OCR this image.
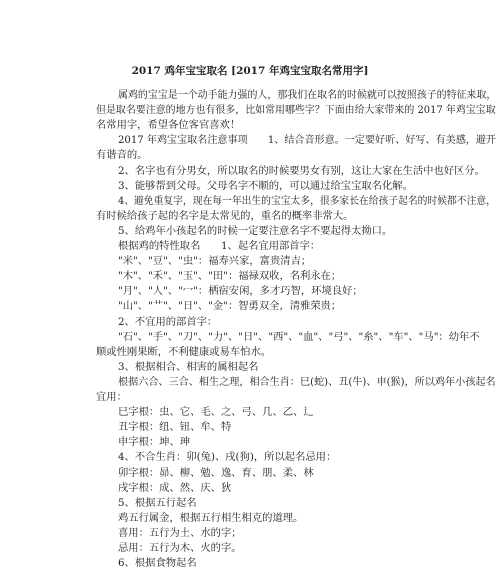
2017 鸡年宝宝取名 [2017 年鸡宝宝取名常用字]
属鸡的宝宝是一个动手能力强的人，那我们在取名的时候就可以按照孩子的特征来取，
但是取名要注意的地方也有很多，比如常用哪些字？下面由给大家带来的 2017 年鸡宝宝取
名常用字，希望各位客官喜欢！
2017 年鸡宝宝取名注意事项　　1、结合音形意。一定要好听、好写、有美感，避开
有谐音的。
2、名字也有分男女，所以取名的时候要男女有别，这让大家在生活中也好区分。
3、能够帮到父母。父母名字不顺的，可以通过给宝宝取名化解。
4、避免重复字，现在每一年出生的宝宝太多，很多家长在给孩子起名的时候都不注意，
有时候给孩子起的名字是太常见的，重名的概率非常大。
5、给鸡年小孩起名的时候一定要注意名字不要起得太拗口。
根据鸡的特性取名　　1、起名宜用部首字：
"米"、"豆"、"虫"：福寿兴家，富贵清吉；
"木"、"禾"、"玉"、"田"：福禄双收，名利永在；
"月"、"人"、"冖"：栖宿安闲，多才巧智，环境良好；
"山"、"艹"、"日"、"金"：智勇双全，清雅荣贵；
2、不宜用的部首字：
"石"、"手"、"刀"、"力"、"日"、"西"、"血"、"弓"、"糸"、"车"、"马"：幼年不
顺或性刚果断，不利健康或易车怕水。
3、根据相合、相害的属相起名
根据六合、三合、相生之理，相合生肖：巳(蛇)、丑(牛)、申(猴)，所以鸡年小孩起名
宜用：
巳字根：虫、它、毛、之、弓、几、乙、辶
丑字根：纽、钮、牟、特
申字根：坤、珅
4、不合生肖：卯(兔)、戌(狗)，所以起名忌用：
卯字根：昴、柳、勉、逸、育、朋、柔、林
戌字根：成、然、庆、狄
5、根据五行起名
鸡五行属金，根据五行相生相克的道理。
喜用：五行为土、水的字；
忌用：五行为木、火的字。
6、根据食物起名
